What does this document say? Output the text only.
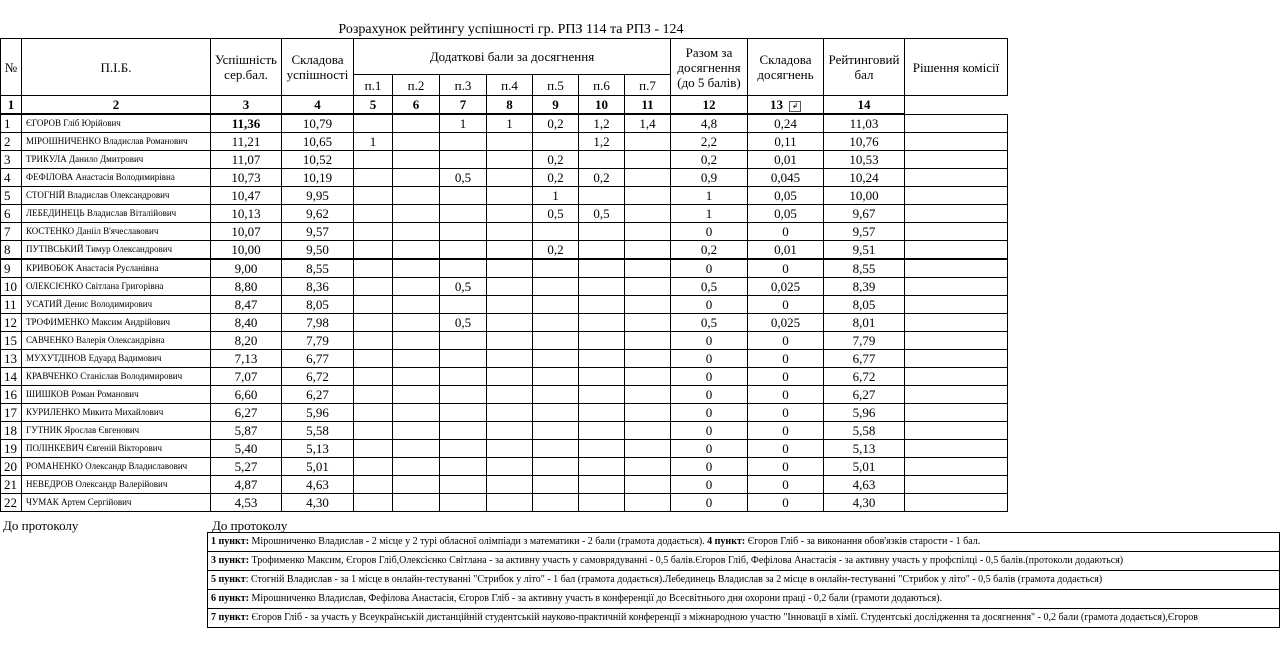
Розрахунок рейтингу успішності гр. РПЗ 114 та РПЗ - 124
№	П.І.Б.	Успішність сер.бал.	Складова успішності	Додаткові бали за досягнення							Разом за досягнення (до 5 балів)	Складова досягнень	Рейтинговий бал	Рішення комісії
				п.1	п.2	п.3	п.4	п.5	п.6	п.7				
1	2	3	4	5	6	7	8	9	10	11	12	13 ↲	14	
1	ЄГОРОВ Гліб Юрійович	11,36	10,79			1	1	0,2	1,2	1,4	4,8	0,24	11,03	
2	МІРОШНИЧЕНКО Владислав Романович	11,21	10,65	1					1,2		2,2	0,11	10,76	
3	ТРИКУЛА Данило Дмитрович	11,07	10,52					0,2			0,2	0,01	10,53	
4	ФЕФІЛОВА Анастасія Володимирівна	10,73	10,19			0,5		0,2	0,2		0,9	0,045	10,24	
5	СТОГНІЙ Владислав Олександрович	10,47	9,95					1			1	0,05	10,00	
6	ЛЕБЕДИНЕЦЬ Владислав Віталійович	10,13	9,62					0,5	0,5		1	0,05	9,67	
7	КОСТЕНКО Данііл В'ячеславович	10,07	9,57								0	0	9,57	
8	ПУТІВСЬКИЙ Тимур Олександрович	10,00	9,50					0,2			0,2	0,01	9,51	
9	КРИВОБОК Анастасія Русланівна	9,00	8,55								0	0	8,55	
10	ОЛЕКСІЄНКО Світлана Григорівна	8,80	8,36			0,5					0,5	0,025	8,39	
11	УСАТИЙ Денис Володимирович	8,47	8,05								0	0	8,05	
12	ТРОФИМЕНКО Максим Андрійович	8,40	7,98			0,5					0,5	0,025	8,01	
15	САВЧЕНКО Валерія Олександрівна	8,20	7,79								0	0	7,79	
13	МУХУТДІНОВ Едуард Вадимович	7,13	6,77								0	0	6,77	
14	КРАВЧЕНКО Станіслав Володимирович	7,07	6,72								0	0	6,72	
16	ШИШКОВ Роман Романович	6,60	6,27								0	0	6,27	
17	КУРИЛЕНКО Микита Михайлович	6,27	5,96								0	0	5,96	
18	ГУТНИК Ярослав Євгенович	5,87	5,58								0	0	5,58	
19	ПОЛІНКЕВИЧ Євгеній Вікторович	5,40	5,13								0	0	5,13	
20	РОМАНЕНКО Олександр Владиславович	5,27	5,01								0	0	5,01	
21	НЕВЕДРОВ Олександр Валерійович	4,87	4,63								0	0	4,63	
22	ЧУМАК Артем Сергійович	4,53	4,30								0	0	4,30	
До протоколу	До протоколу
1 пункт: Мірошниченко Владислав - 2 місце у 2 турі обласної олімпіади з математики - 2 бали (грамота додається). 4 пункт: Єгоров Гліб - за виконання обов'язків старости - 1 бал.
3 пункт: Трофименко Максим, Єгоров Гліб,Олексієнко Світлана - за активну участь у самоврядуванні - 0,5 балів.Єгоров Гліб, Фефілова Анастасія - за активну участь у профспілці - 0,5 балів.(протоколи додаються)
5 пункт: Стогній Владислав - за 1 місце в онлайн-тестуванні "Стрибок у літо" - 1 бал (грамота додається).Лебединець Владислав за 2 місце в онлайн-тестуванні "Стрибок у літо" - 0,5 балів (грамота додається)
6 пункт: Мірошниченко Владислав, Фефілова Анастасія, Єгоров Гліб - за активну участь в конференції до Всесвітнього дня охорони праці - 0,2 бали (грамоти додаються).
7 пункт: Єгоров Гліб - за участь у Всеукраїнській дистанційній студентській науково-практичній конференції з міжнародною участю "Інновації в хімії. Студентські дослідження та досягнення" - 0,2 бали (грамота додається),Єгоров
